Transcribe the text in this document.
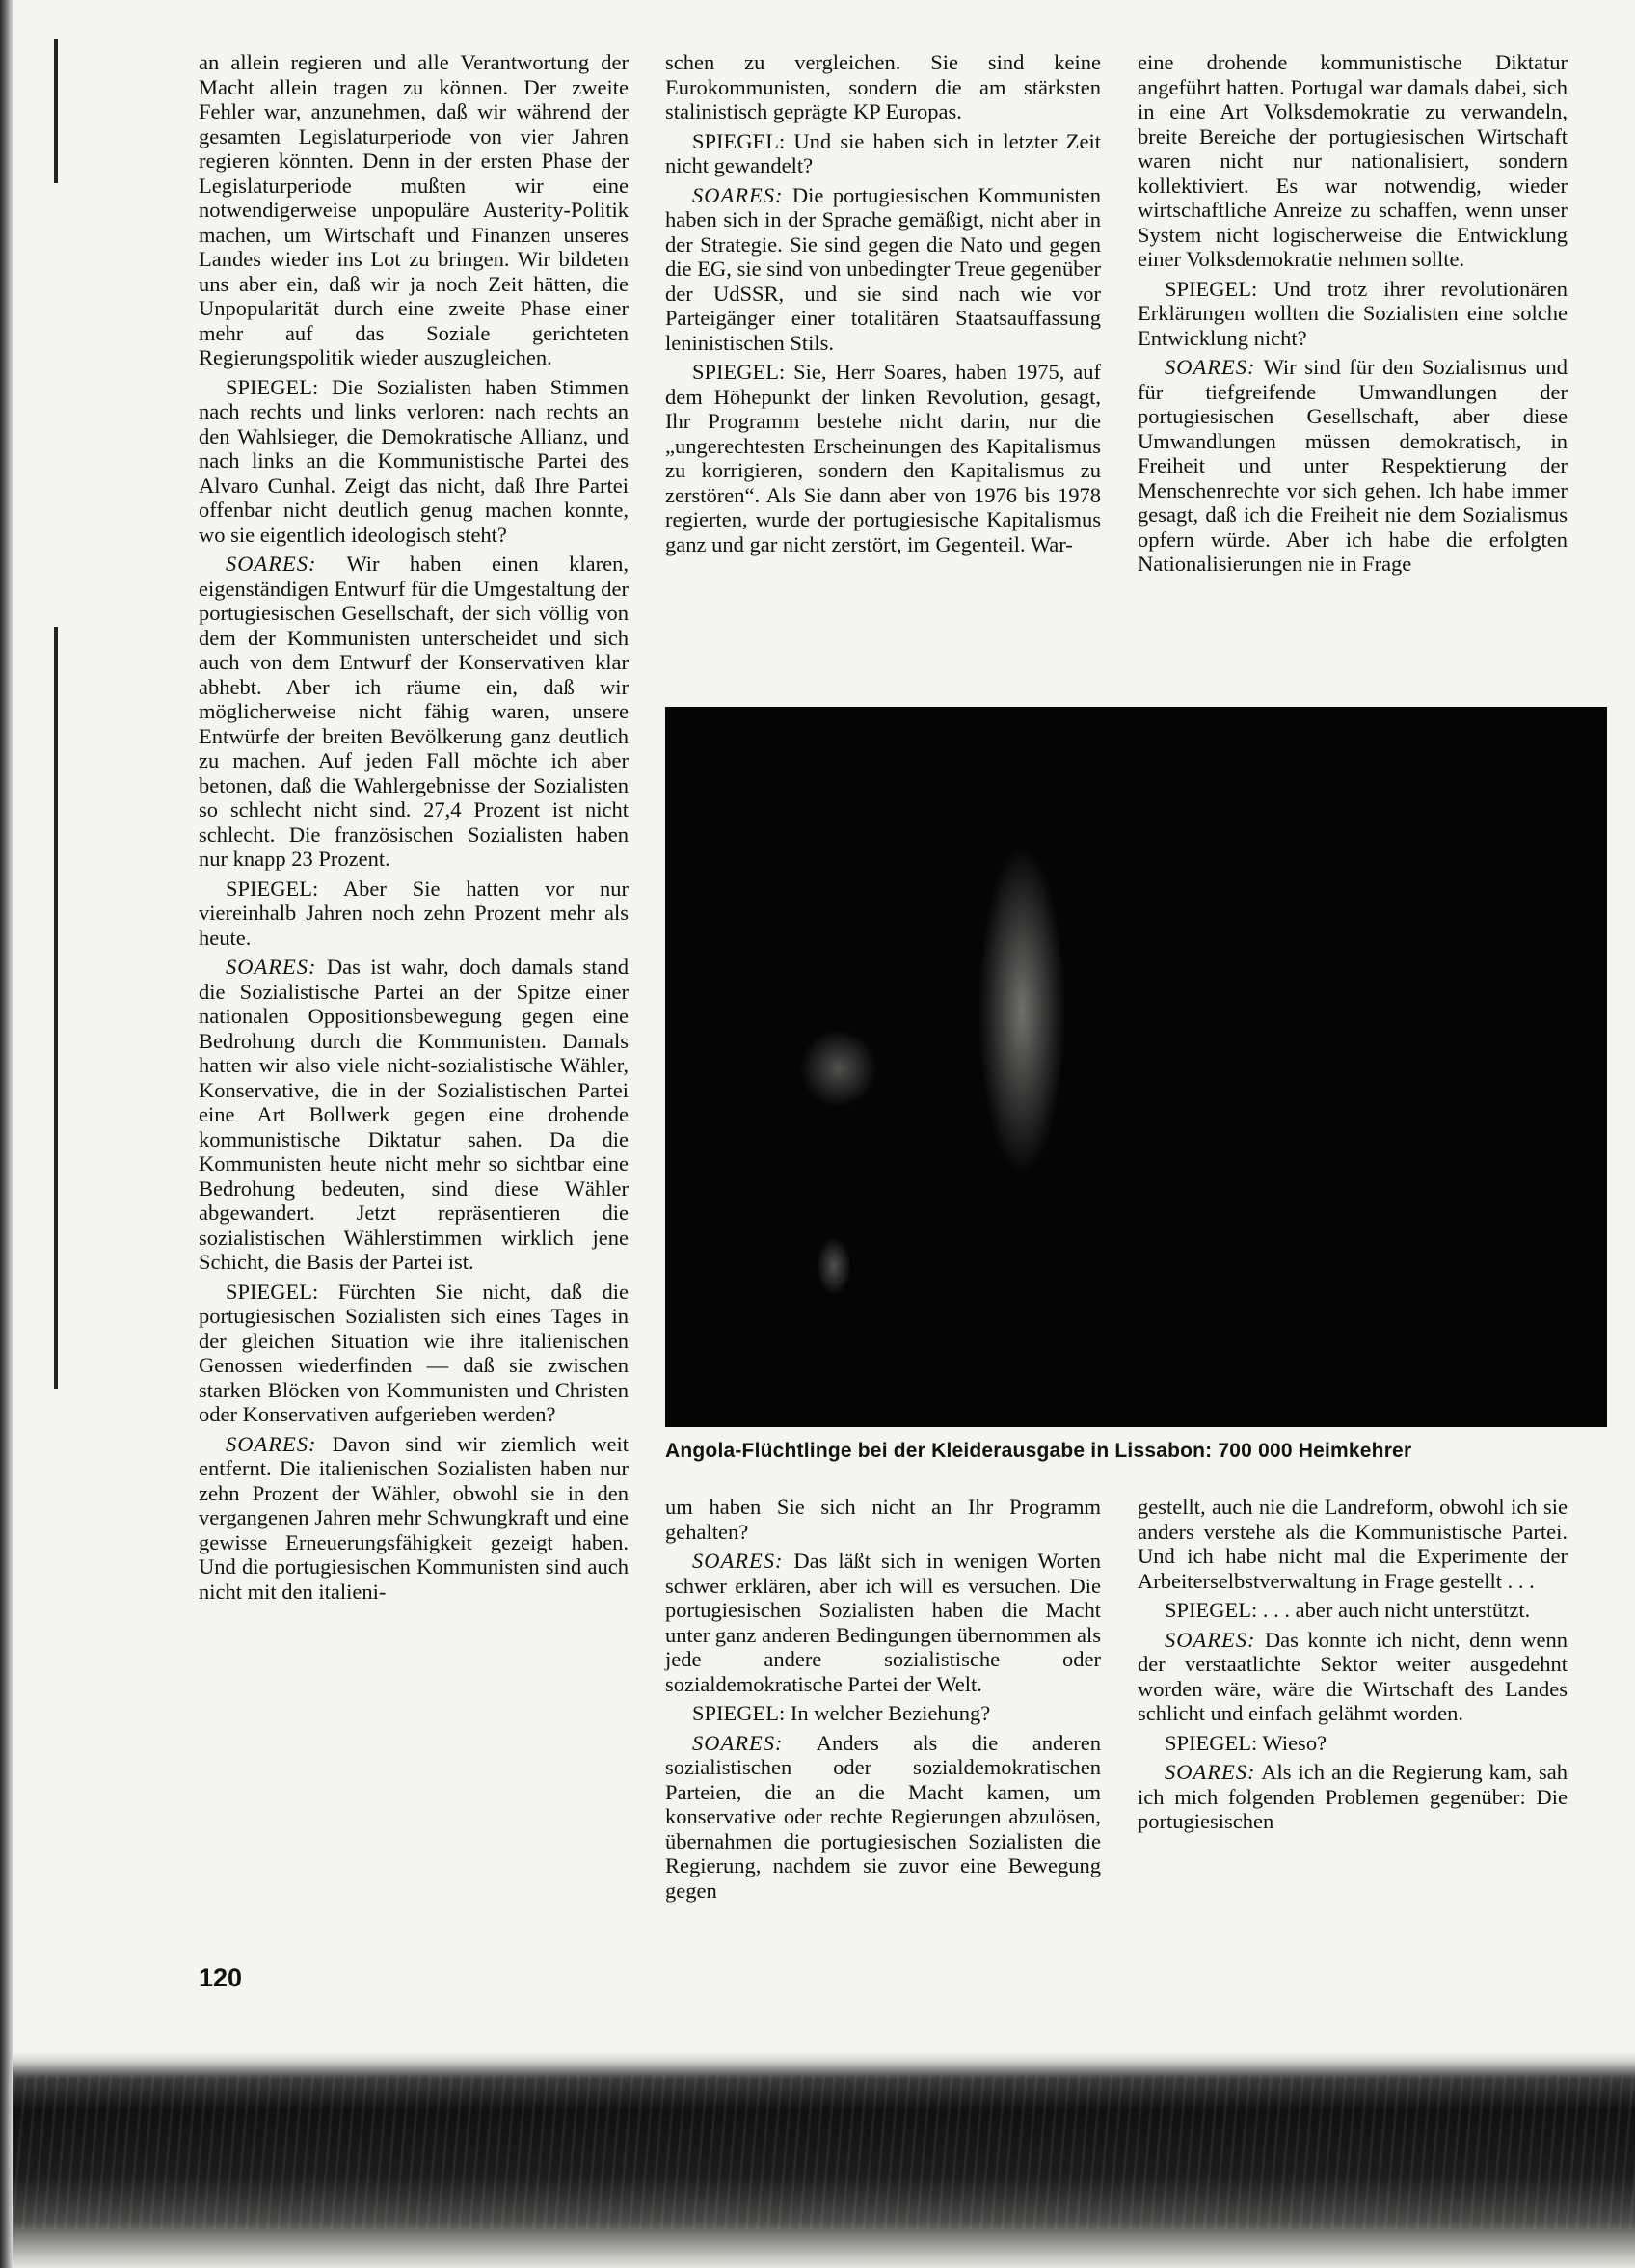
an allein regieren und alle Verantwortung der Macht allein tragen zu können. Der zweite Fehler war, anzunehmen, daß wir während der gesamten Legislaturperiode von vier Jahren regieren könnten. Denn in der ersten Phase der Legislaturperiode mußten wir eine notwendigerweise unpopuläre Austerity-Politik machen, um Wirtschaft und Finanzen unseres Landes wieder ins Lot zu bringen. Wir bildeten uns aber ein, daß wir ja noch Zeit hätten, die Unpopularität durch eine zweite Phase einer mehr auf das Soziale gerichteten Regierungspolitik wieder auszugleichen.

SPIEGEL: Die Sozialisten haben Stimmen nach rechts und links verloren: nach rechts an den Wahlsieger, die Demokratische Allianz, und nach links an die Kommunistische Partei des Alvaro Cunhal. Zeigt das nicht, daß Ihre Partei offenbar nicht deutlich genug machen konnte, wo sie eigentlich ideologisch steht?

SOARES: Wir haben einen klaren, eigenständigen Entwurf für die Umgestaltung der portugiesischen Gesellschaft, der sich völlig von dem der Kommunisten unterscheidet und sich auch von dem Entwurf der Konservativen klar abhebt. Aber ich räume ein, daß wir möglicherweise nicht fähig waren, unsere Entwürfe der breiten Bevölkerung ganz deutlich zu machen. Auf jeden Fall möchte ich aber betonen, daß die Wahlergebnisse der Sozialisten so schlecht nicht sind. 27,4 Prozent ist nicht schlecht. Die französischen Sozialisten haben nur knapp 23 Prozent.

SPIEGEL: Aber Sie hatten vor nur viereinhalb Jahren noch zehn Prozent mehr als heute.

SOARES: Das ist wahr, doch damals stand die Sozialistische Partei an der Spitze einer nationalen Oppositionsbewegung gegen eine Bedrohung durch die Kommunisten. Damals hatten wir also viele nicht-sozialistische Wähler, Konservative, die in der Sozialistischen Partei eine Art Bollwerk gegen eine drohende kommunistische Diktatur sahen. Da die Kommunisten heute nicht mehr so sichtbar eine Bedrohung bedeuten, sind diese Wähler abgewandert. Jetzt repräsentieren die sozialistischen Wählerstimmen wirklich jene Schicht, die Basis der Partei ist.

SPIEGEL: Fürchten Sie nicht, daß die portugiesischen Sozialisten sich eines Tages in der gleichen Situation wie ihre italienischen Genossen wiederfinden — daß sie zwischen starken Blöcken von Kommunisten und Christen oder Konservativen aufgerieben werden?

SOARES: Davon sind wir ziemlich weit entfernt. Die italienischen Sozialisten haben nur zehn Prozent der Wähler, obwohl sie in den vergangenen Jahren mehr Schwungkraft und eine gewisse Erneuerungsfähigkeit gezeigt haben. Und die portugiesischen Kommunisten sind auch nicht mit den italieni-

schen zu vergleichen. Sie sind keine Eurokommunisten, sondern die am stärksten stalinistisch geprägte KP Europas.

SPIEGEL: Und sie haben sich in letzter Zeit nicht gewandelt?

SOARES: Die portugiesischen Kommunisten haben sich in der Sprache gemäßigt, nicht aber in der Strategie. Sie sind gegen die Nato und gegen die EG, sie sind von unbedingter Treue gegenüber der UdSSR, und sie sind nach wie vor Parteigänger einer totalitären Staatsauffassung leninistischen Stils.

SPIEGEL: Sie, Herr Soares, haben 1975, auf dem Höhepunkt der linken Revolution, gesagt, Ihr Programm bestehe nicht darin, nur die „ungerechtesten Erscheinungen des Kapitalismus zu korrigieren, sondern den Kapitalismus zu zerstören“. Als Sie dann aber von 1976 bis 1978 regierten, wurde der portugiesische Kapitalismus ganz und gar nicht zerstört, im Gegenteil. War-

eine drohende kommunistische Diktatur angeführt hatten. Portugal war damals dabei, sich in eine Art Volksdemokratie zu verwandeln, breite Bereiche der portugiesischen Wirtschaft waren nicht nur nationalisiert, sondern kollektiviert. Es war notwendig, wieder wirtschaftliche Anreize zu schaffen, wenn unser System nicht logischerweise die Entwicklung einer Volksdemokratie nehmen sollte.

SPIEGEL: Und trotz ihrer revolutionären Erklärungen wollten die Sozialisten eine solche Entwicklung nicht?

SOARES: Wir sind für den Sozialismus und für tiefgreifende Umwandlungen der portugiesischen Gesellschaft, aber diese Umwandlungen müssen demokratisch, in Freiheit und unter Respektierung der Menschenrechte vor sich gehen. Ich habe immer gesagt, daß ich die Freiheit nie dem Sozialismus opfern würde. Aber ich habe die erfolgten Nationalisierungen nie in Frage

Angola-Flüchtlinge bei der Kleiderausgabe in Lissabon: 700 000 Heimkehrer

um haben Sie sich nicht an Ihr Programm gehalten?

SOARES: Das läßt sich in wenigen Worten schwer erklären, aber ich will es versuchen. Die portugiesischen Sozialisten haben die Macht unter ganz anderen Bedingungen übernommen als jede andere sozialistische oder sozialdemokratische Partei der Welt.

SPIEGEL: In welcher Beziehung?

SOARES: Anders als die anderen sozialistischen oder sozialdemokratischen Parteien, die an die Macht kamen, um konservative oder rechte Regierungen abzulösen, übernahmen die portugiesischen Sozialisten die Regierung, nachdem sie zuvor eine Bewegung gegen

gestellt, auch nie die Landreform, obwohl ich sie anders verstehe als die Kommunistische Partei. Und ich habe nicht mal die Experimente der Arbeiterselbstverwaltung in Frage gestellt . . .

SPIEGEL: . . . aber auch nicht unterstützt.

SOARES: Das konnte ich nicht, denn wenn der verstaatlichte Sektor weiter ausgedehnt worden wäre, wäre die Wirtschaft des Landes schlicht und einfach gelähmt worden.

SPIEGEL: Wieso?

SOARES: Als ich an die Regierung kam, sah ich mich folgenden Problemen gegenüber: Die portugiesischen

120
